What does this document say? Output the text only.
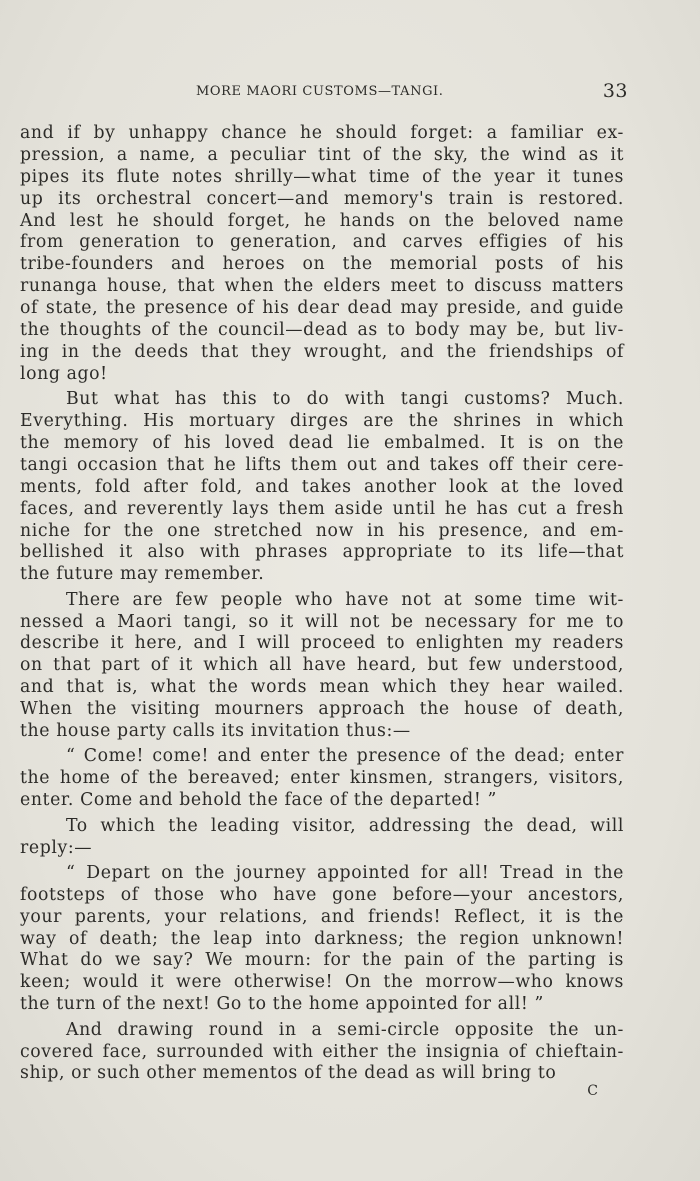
MORE MAORI CUSTOMS—TANGI.	33
and if by unhappy chance he should forget: a familiar ex-
pression, a name, a peculiar tint of the sky, the wind as it
pipes its flute notes shrilly—what time of the year it tunes
up its orchestral concert—and memory's train is restored.
And lest he should forget, he hands on the beloved name
from generation to generation, and carves effigies of his
tribe-founders and heroes on the memorial posts of his
runanga house, that when the elders meet to discuss matters
of state, the presence of his dear dead may preside, and guide
the thoughts of the council—dead as to body may be, but liv-
ing in the deeds that they wrought, and the friendships of
long ago!
But what has this to do with tangi customs? Much.
Everything. His mortuary dirges are the shrines in which
the memory of his loved dead lie embalmed. It is on the
tangi occasion that he lifts them out and takes off their cere-
ments, fold after fold, and takes another look at the loved
faces, and reverently lays them aside until he has cut a fresh
niche for the one stretched now in his presence, and em-
bellished it also with phrases appropriate to its life—that
the future may remember.
There are few people who have not at some time wit-
nessed a Maori tangi, so it will not be necessary for me to
describe it here, and I will proceed to enlighten my readers
on that part of it which all have heard, but few understood,
and that is, what the words mean which they hear wailed.
When the visiting mourners approach the house of death,
the house party calls its invitation thus:—
“ Come! come! and enter the presence of the dead; enter
the home of the bereaved; enter kinsmen, strangers, visitors,
enter. Come and behold the face of the departed! ”
To which the leading visitor, addressing the dead, will
reply:—
“ Depart on the journey appointed for all! Tread in the
footsteps of those who have gone before—your ancestors,
your parents, your relations, and friends! Reflect, it is the
way of death; the leap into darkness; the region unknown!
What do we say? We mourn: for the pain of the parting is
keen; would it were otherwise! On the morrow—who knows
the turn of the next! Go to the home appointed for all! ”
And drawing round in a semi-circle opposite the un-
covered face, surrounded with either the insignia of chieftain-
ship, or such other mementos of the dead as will bring to
C
